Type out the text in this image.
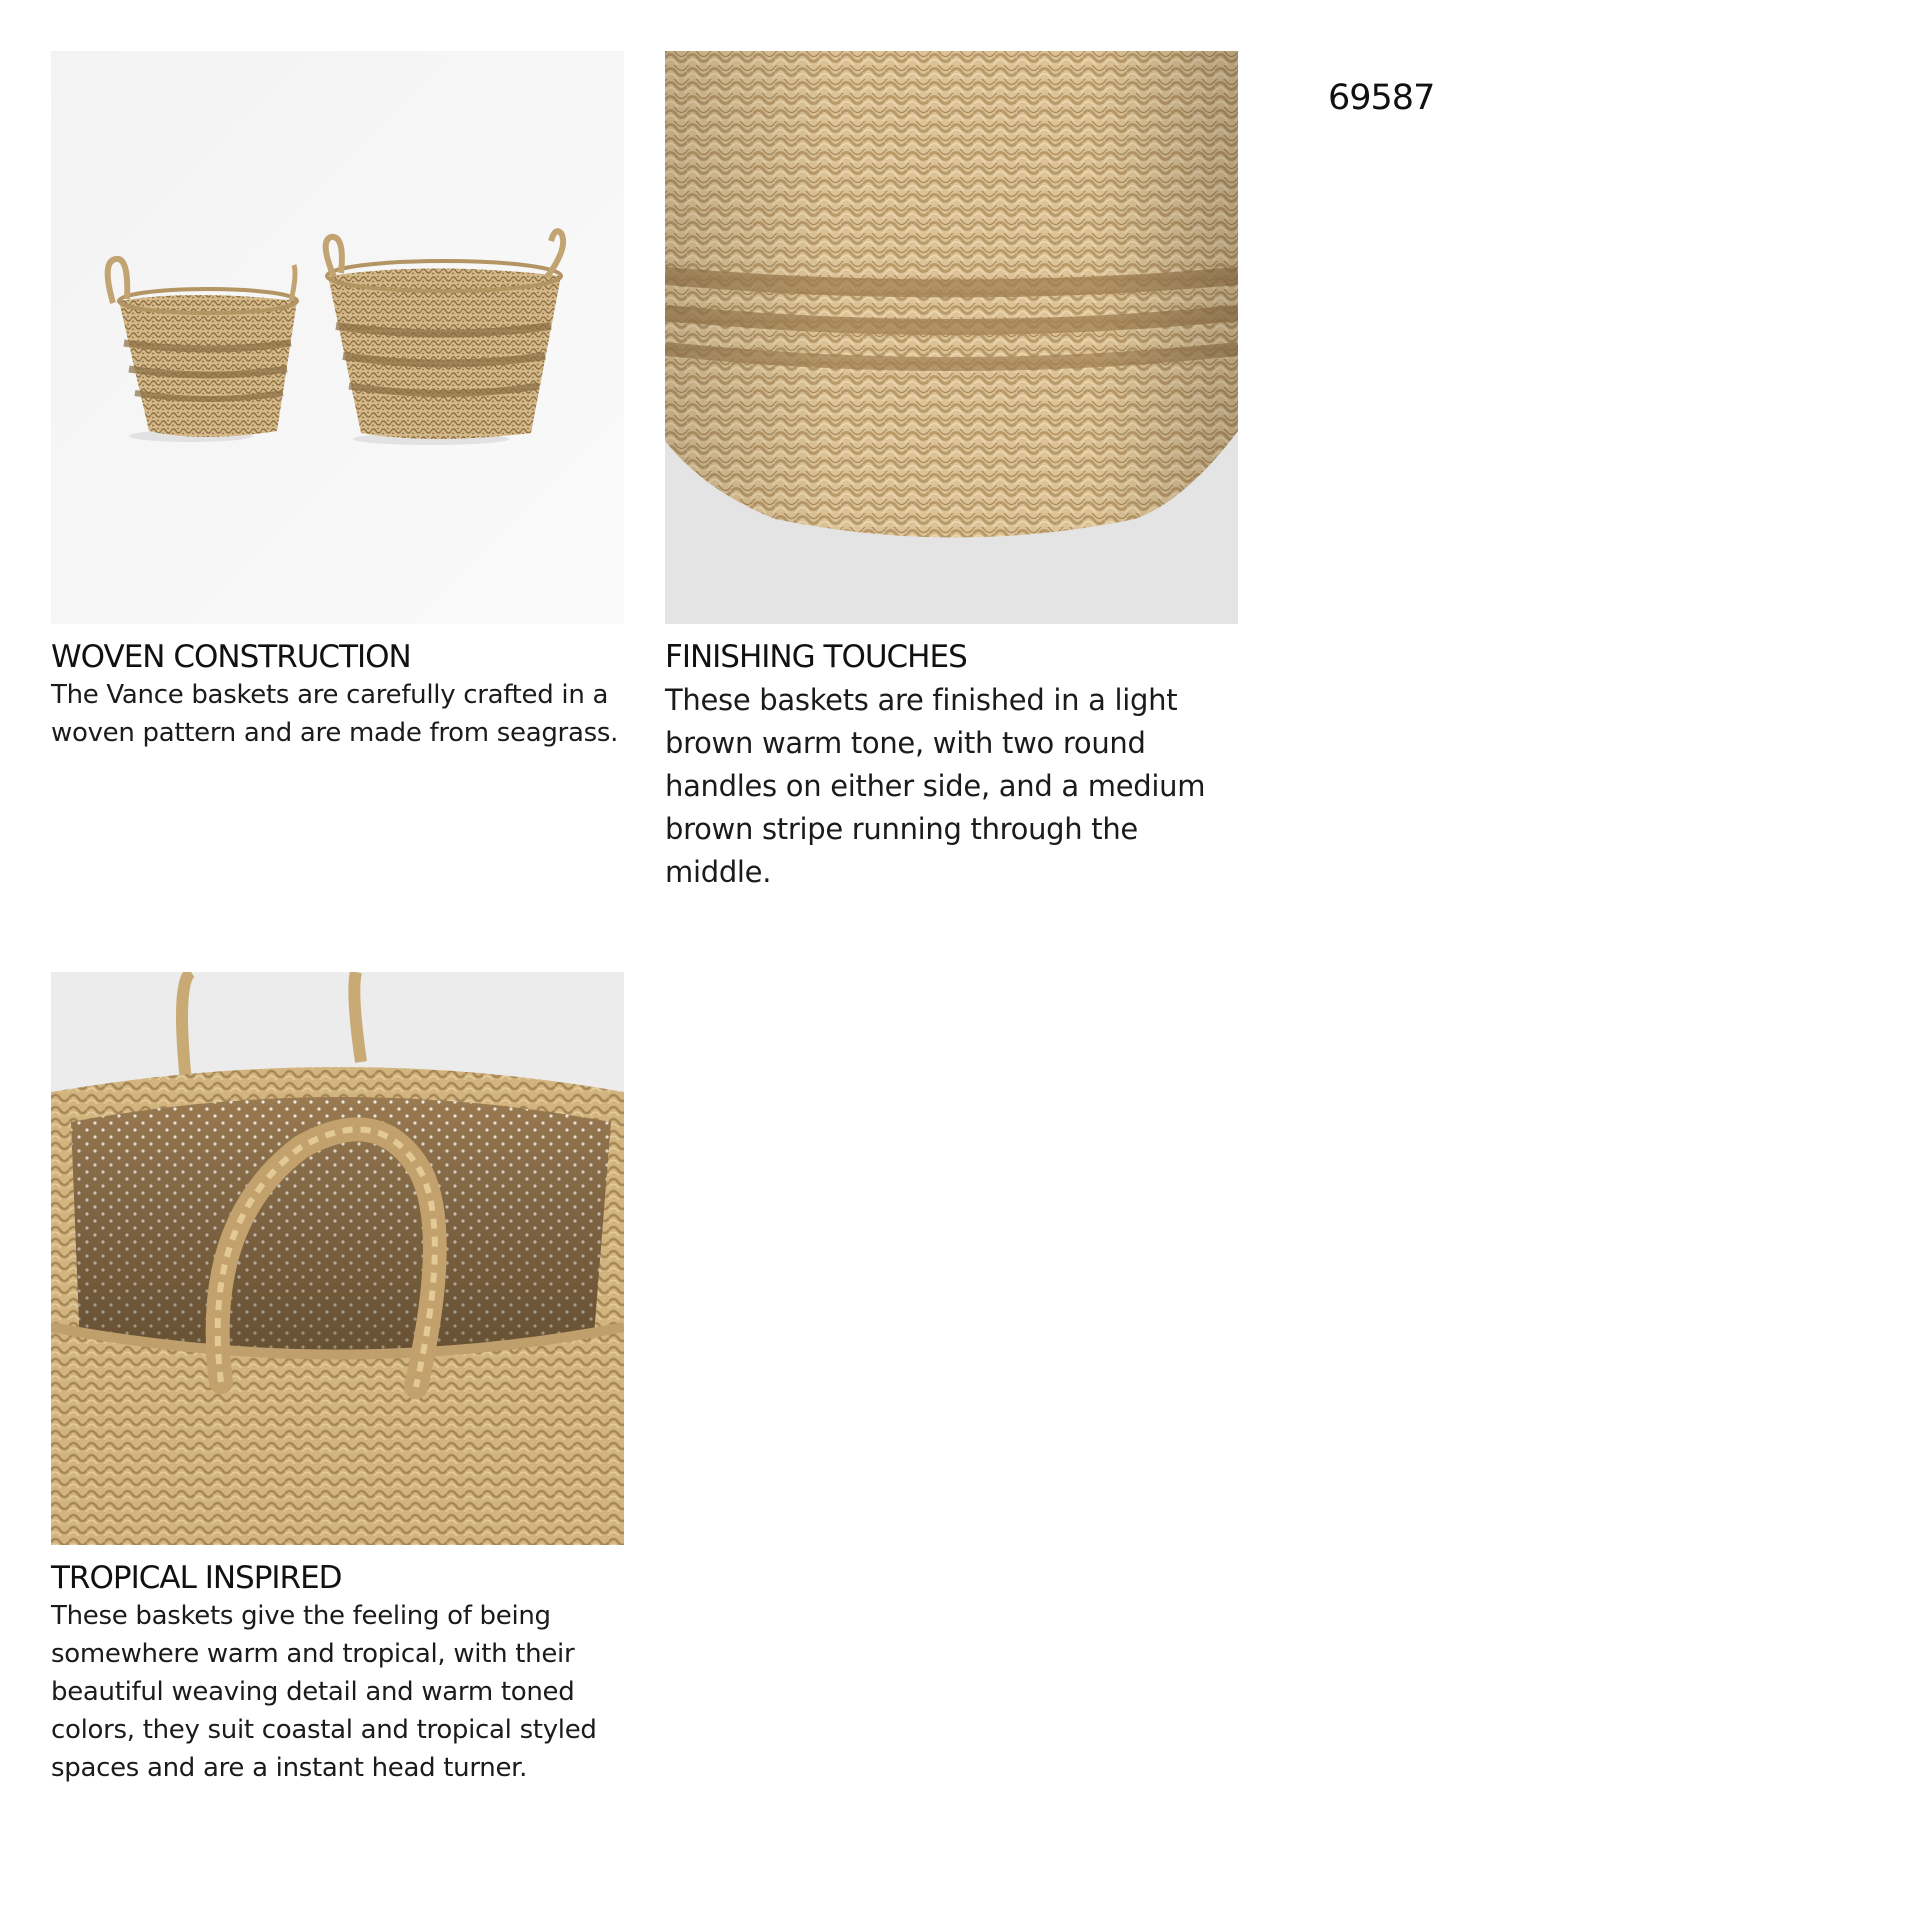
WOVEN CONSTRUCTION

The Vance baskets are carefully crafted in a woven pattern and are made from seagrass.

FINISHING TOUCHES

These baskets are finished in a light brown warm tone, with two round handles on either side, and a medium brown stripe running through the middle.

TROPICAL INSPIRED

These baskets give the feeling of being somewhere warm and tropical, with their beautiful weaving detail and warm toned colors, they suit coastal and tropical styled spaces and are a instant head turner.

69587
